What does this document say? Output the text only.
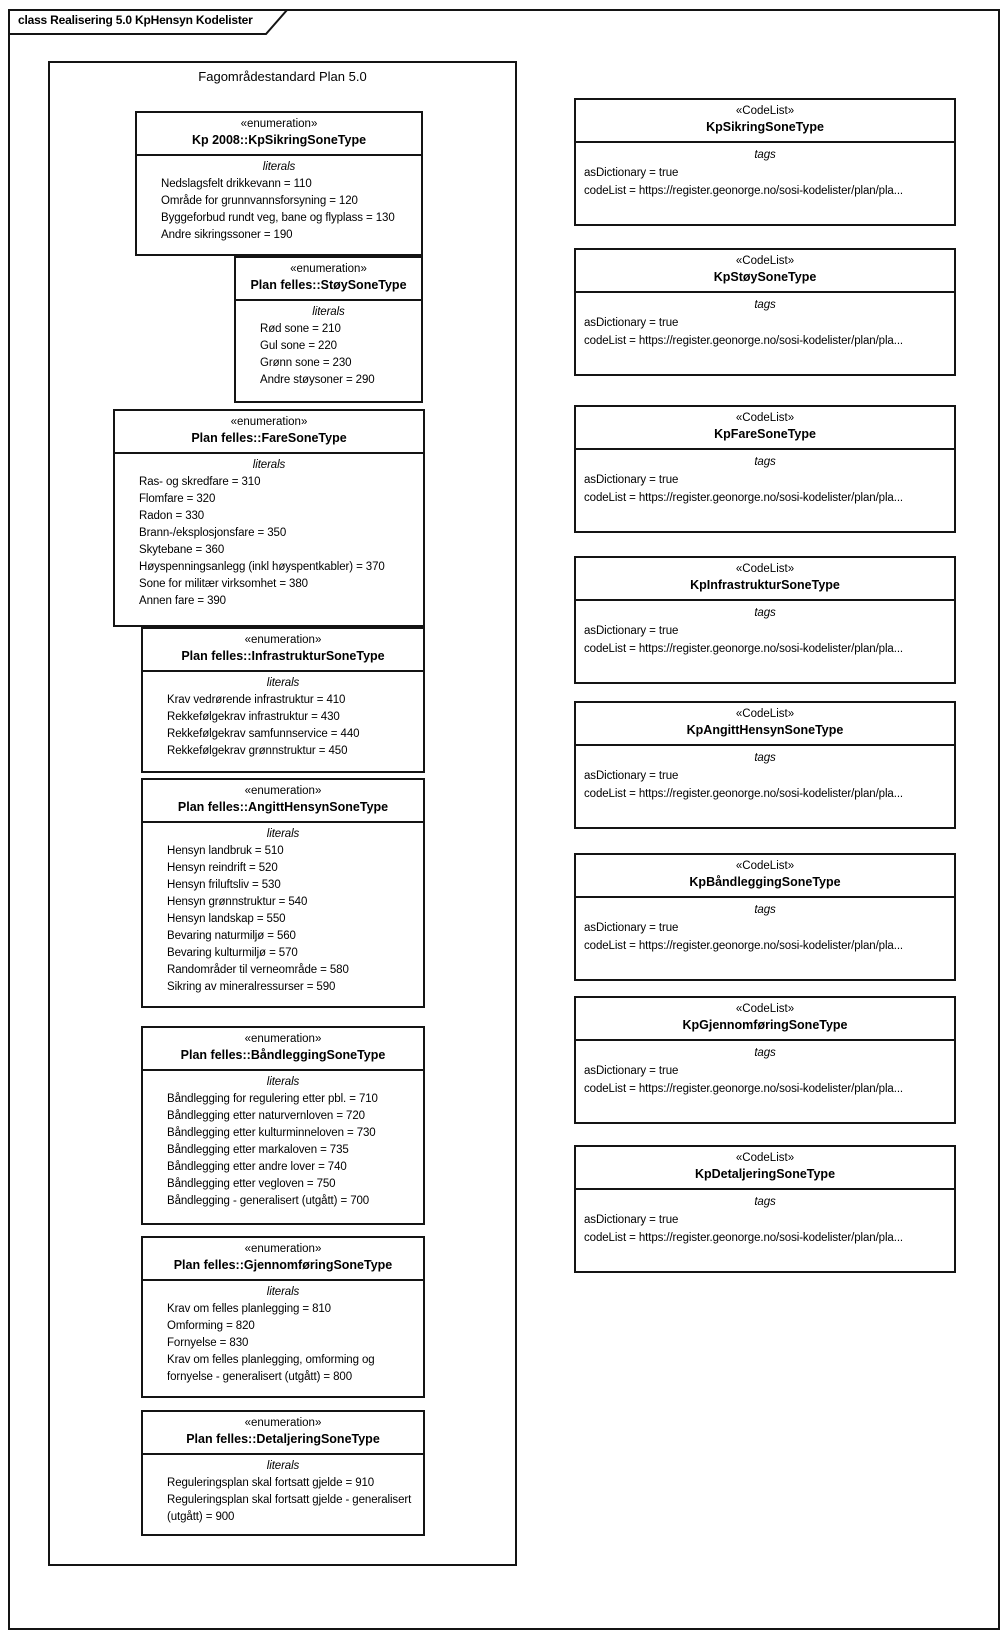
class Realisering 5.0 KpHensyn Kodelister
Fagområdestandard Plan 5.0
«enumeration»
Kp 2008::KpSikringSoneType
literals
Nedslagsfelt drikkevann = 110
Område for grunnvannsforsyning = 120
Byggeforbud rundt veg, bane og flyplass = 130
Andre sikringssoner = 190
«enumeration»
Plan felles::StøySoneType
literals
Rød sone = 210
Gul sone = 220
Grønn sone = 230
Andre støysoner = 290
«enumeration»
Plan felles::FareSoneType
literals
Ras- og skredfare = 310
Flomfare = 320
Radon = 330
Brann-/eksplosjonsfare = 350
Skytebane = 360
Høyspenningsanlegg (inkl høyspentkabler) = 370
Sone for militær virksomhet = 380
Annen fare = 390
«enumeration»
Plan felles::InfrastrukturSoneType
literals
Krav vedrørende infrastruktur = 410
Rekkefølgekrav infrastruktur = 430
Rekkefølgekrav samfunnservice = 440
Rekkefølgekrav grønnstruktur = 450
«enumeration»
Plan felles::AngittHensynSoneType
literals
Hensyn landbruk = 510
Hensyn reindrift = 520
Hensyn friluftsliv = 530
Hensyn grønnstruktur = 540
Hensyn landskap = 550
Bevaring naturmiljø = 560
Bevaring kulturmiljø = 570
Randområder til verneområde = 580
Sikring av mineralressurser = 590
«enumeration»
Plan felles::BåndleggingSoneType
literals
Båndlegging for regulering etter pbl. = 710
Båndlegging etter naturvernloven = 720
Båndlegging etter kulturminneloven = 730
Båndlegging etter markaloven = 735
Båndlegging etter andre lover = 740
Båndlegging etter vegloven = 750
Båndlegging - generalisert (utgått) = 700
«enumeration»
Plan felles::GjennomføringSoneType
literals
Krav om felles planlegging = 810
Omforming = 820
Fornyelse = 830
Krav om felles planlegging, omforming og fornyelse - generalisert (utgått) = 800
«enumeration»
Plan felles::DetaljeringSoneType
literals
Reguleringsplan skal fortsatt gjelde = 910
Reguleringsplan skal fortsatt gjelde - generalisert (utgått) = 900
«CodeList»
KpSikringSoneType
tags
asDictionary = true
codeList = https://register.geonorge.no/sosi-kodelister/plan/pla...
«CodeList»
KpStøySoneType
tags
asDictionary = true
codeList = https://register.geonorge.no/sosi-kodelister/plan/pla...
«CodeList»
KpFareSoneType
tags
asDictionary = true
codeList = https://register.geonorge.no/sosi-kodelister/plan/pla...
«CodeList»
KpInfrastrukturSoneType
tags
asDictionary = true
codeList = https://register.geonorge.no/sosi-kodelister/plan/pla...
«CodeList»
KpAngittHensynSoneType
tags
asDictionary = true
codeList = https://register.geonorge.no/sosi-kodelister/plan/pla...
«CodeList»
KpBåndleggingSoneType
tags
asDictionary = true
codeList = https://register.geonorge.no/sosi-kodelister/plan/pla...
«CodeList»
KpGjennomføringSoneType
tags
asDictionary = true
codeList = https://register.geonorge.no/sosi-kodelister/plan/pla...
«CodeList»
KpDetaljeringSoneType
tags
asDictionary = true
codeList = https://register.geonorge.no/sosi-kodelister/plan/pla...
